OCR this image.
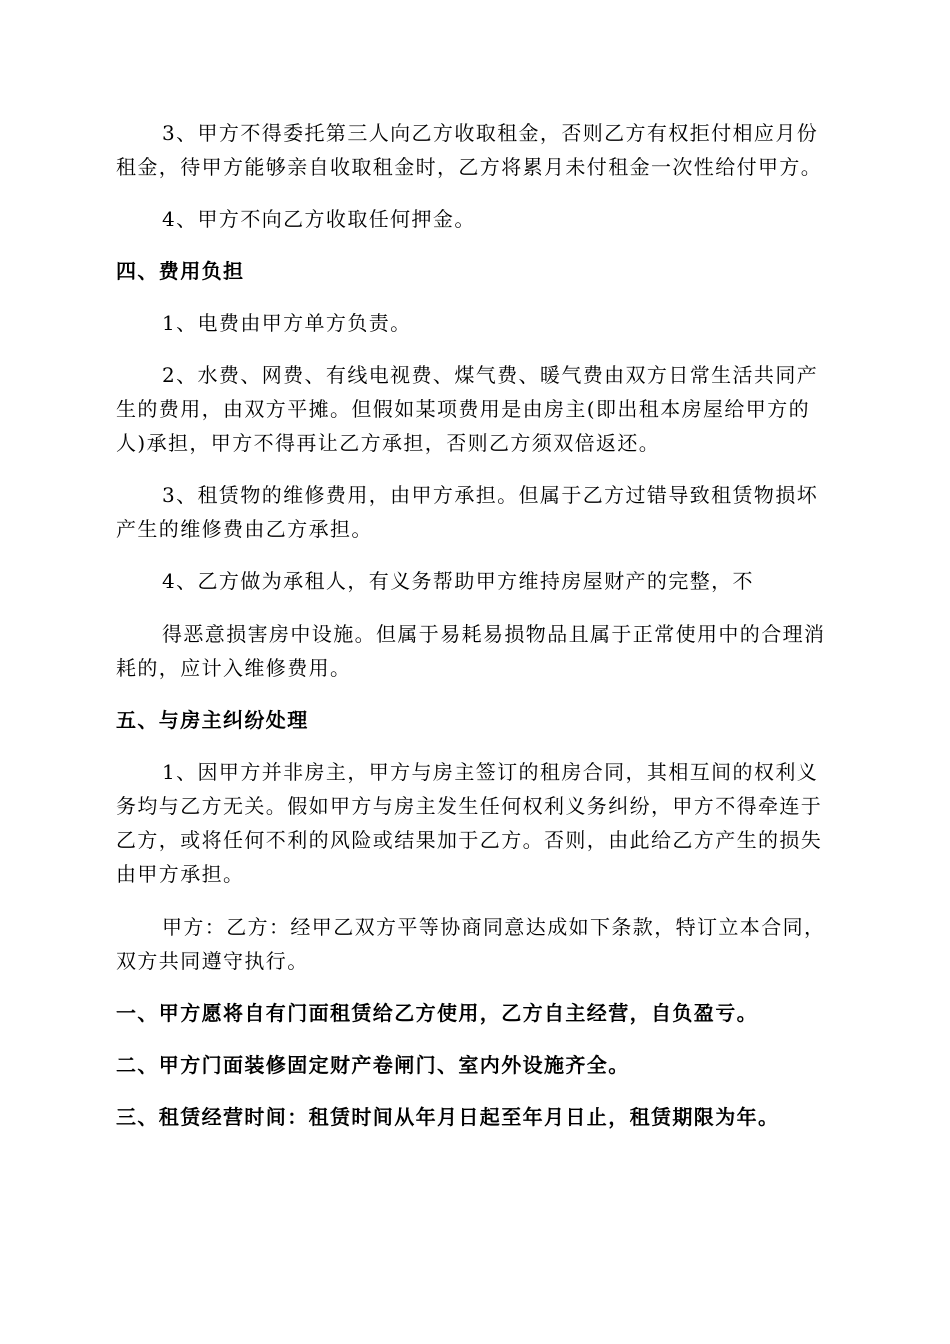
3、甲方不得委托第三人向乙方收取租金，否则乙方有权拒付相应月份租金，待甲方能够亲自收取租金时，乙方将累月未付租金一次性给付甲方。

4、甲方不向乙方收取任何押金。

四、费用负担

1、电费由甲方单方负责。

2、水费、网费、有线电视费、煤气费、暖气费由双方日常生活共同产生的费用，由双方平摊。但假如某项费用是由房主(即出租本房屋给甲方的人)承担，甲方不得再让乙方承担，否则乙方须双倍返还。

3、租赁物的维修费用，由甲方承担。但属于乙方过错导致租赁物损坏产生的维修费由乙方承担。

4、乙方做为承租人，有义务帮助甲方维持房屋财产的完整，不

得恶意损害房中设施。但属于易耗易损物品且属于正常使用中的合理消耗的，应计入维修费用。

五、与房主纠纷处理

1、因甲方并非房主，甲方与房主签订的租房合同，其相互间的权利义务均与乙方无关。假如甲方与房主发生任何权利义务纠纷，甲方不得牵连于乙方，或将任何不利的风险或结果加于乙方。否则，由此给乙方产生的损失由甲方承担。

甲方：乙方：经甲乙双方平等协商同意达成如下条款，特订立本合同，双方共同遵守执行。

一、甲方愿将自有门面租赁给乙方使用，乙方自主经营，自负盈亏。

二、甲方门面装修固定财产卷闸门、室内外设施齐全。

三、租赁经营时间：租赁时间从年月日起至年月日止，租赁期限为年。
